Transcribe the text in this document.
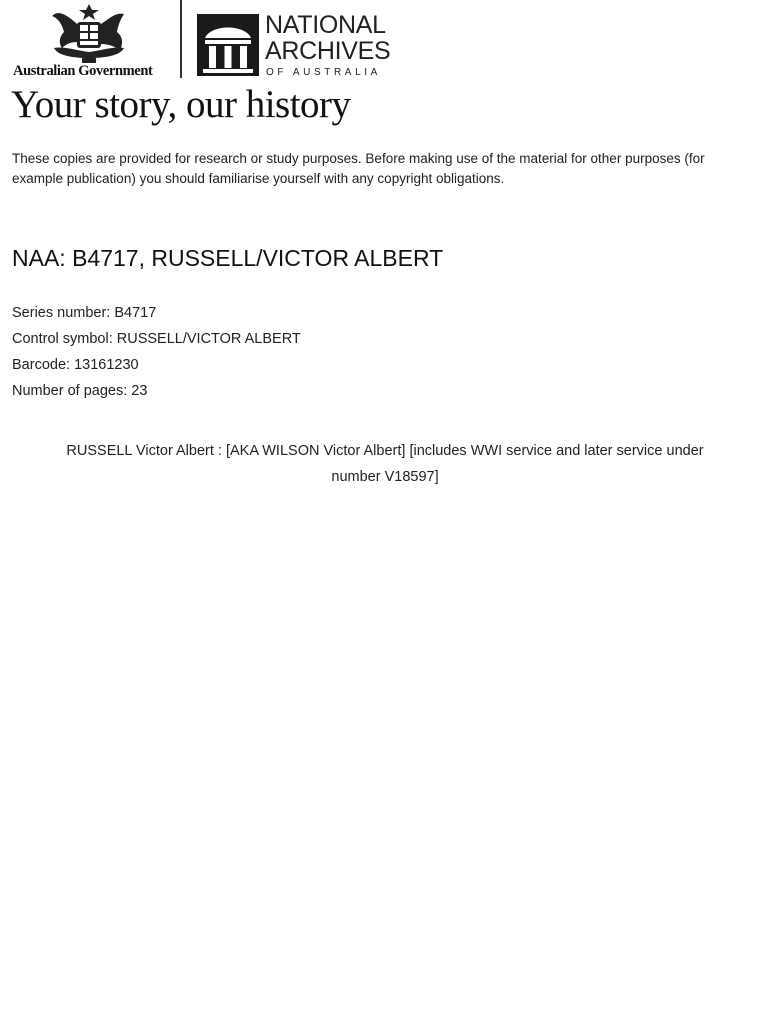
Australian Government
NATIONAL
ARCHIVES
OF AUSTRALIA
Your story, our history
These copies are provided for research or study purposes. Before making use of the material for other purposes (for example publication) you should familiarise yourself with any copyright obligations.
NAA: B4717, RUSSELL/VICTOR ALBERT
Series number: B4717
Control symbol: RUSSELL/VICTOR ALBERT
Barcode: 13161230
Number of pages: 23
RUSSELL Victor Albert : [AKA WILSON Victor Albert] [includes WWI service and later service under
number V18597]
